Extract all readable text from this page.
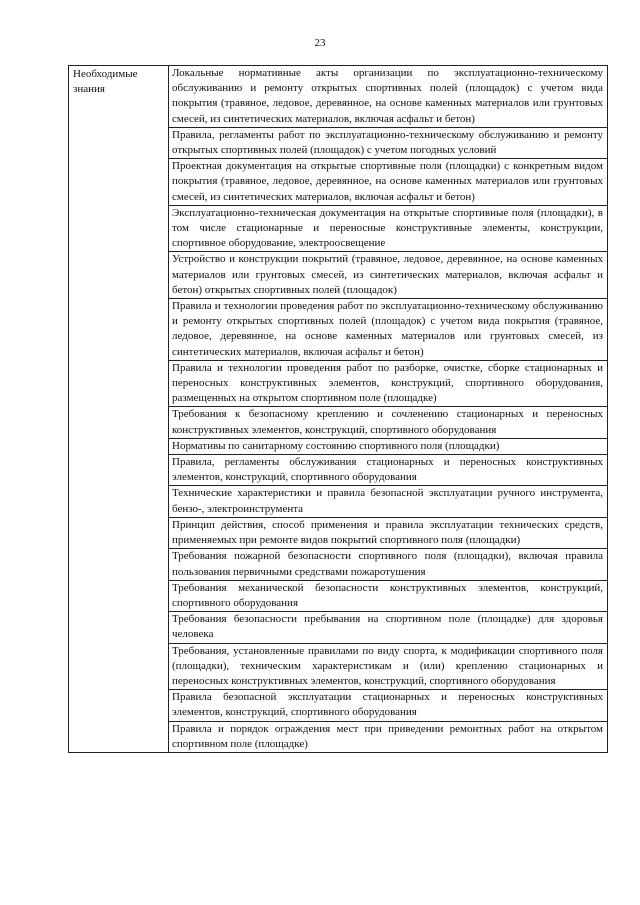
23
Необходимые знания	
Локальные нормативные акты организации по эксплуатационно-техническому обслуживанию и ремонту открытых спортивных полей (площадок) с учетом вида покрытия (травяное, ледовое, деревянное, на основе каменных материалов или грунтовых смесей, из синтетических материалов, включая асфальт и бетон)
Правила, регламенты работ по эксплуатационно-техническому обслуживанию и ремонту открытых спортивных полей (площадок) с учетом погодных условий
Проектная документация на открытые спортивные поля (площадки) с конкретным видом покрытия (травяное, ледовое, деревянное, на основе каменных материалов или грунтовых смесей, из синтетических материалов, включая асфальт и бетон)
Эксплуатационно-техническая документация на открытые спортивные поля (площадки), в том числе стационарные и переносные конструктивные элементы, конструкции, спортивное оборудование, электроосвещение
Устройство и конструкции покрытий (травяное, ледовое, деревянное, на основе каменных материалов или грунтовых смесей, из синтетических материалов, включая асфальт и бетон) открытых спортивных полей (площадок)
Правила и технологии проведения работ по эксплуатационно-техническому обслуживанию и ремонту открытых спортивных полей (площадок) с учетом вида покрытия (травяное, ледовое, деревянное, на основе каменных материалов или грунтовых смесей, из синтетических материалов, включая асфальт и бетон)
Правила и технологии проведения работ по разборке, очистке, сборке стационарных и переносных конструктивных элементов, конструкций, спортивного оборудования, размещенных на открытом спортивном поле (площадке)
Требования к безопасному креплению и сочленению стационарных и переносных конструктивных элементов, конструкций, спортивного оборудования
Нормативы по санитарному состоянию спортивного поля (площадки)
Правила, регламенты обслуживания стационарных и переносных конструктивных элементов, конструкций, спортивного оборудования
Технические характеристики и правила безопасной эксплуатации ручного инструмента, бензо-, электроинструмента
Принцип действия, способ применения и правила эксплуатации технических средств, применяемых при ремонте видов покрытий спортивного поля (площадки)
Требования пожарной безопасности спортивного поля (площадки), включая правила пользования первичными средствами пожаротушения
Требования механической безопасности конструктивных элементов, конструкций, спортивного оборудования
Требования безопасности пребывания на спортивном поле (площадке) для здоровья человека
Требования, установленные правилами по виду спорта, к модификации спортивного поля (площадки), техническим характеристикам и (или) креплению стационарных и переносных конструктивных элементов, конструкций, спортивного оборудования
Правила безопасной эксплуатации стационарных и переносных конструктивных элементов, конструкций, спортивного оборудования
Правила и порядок ограждения мест при приведении ремонтных работ на открытом спортивном поле (площадке)
